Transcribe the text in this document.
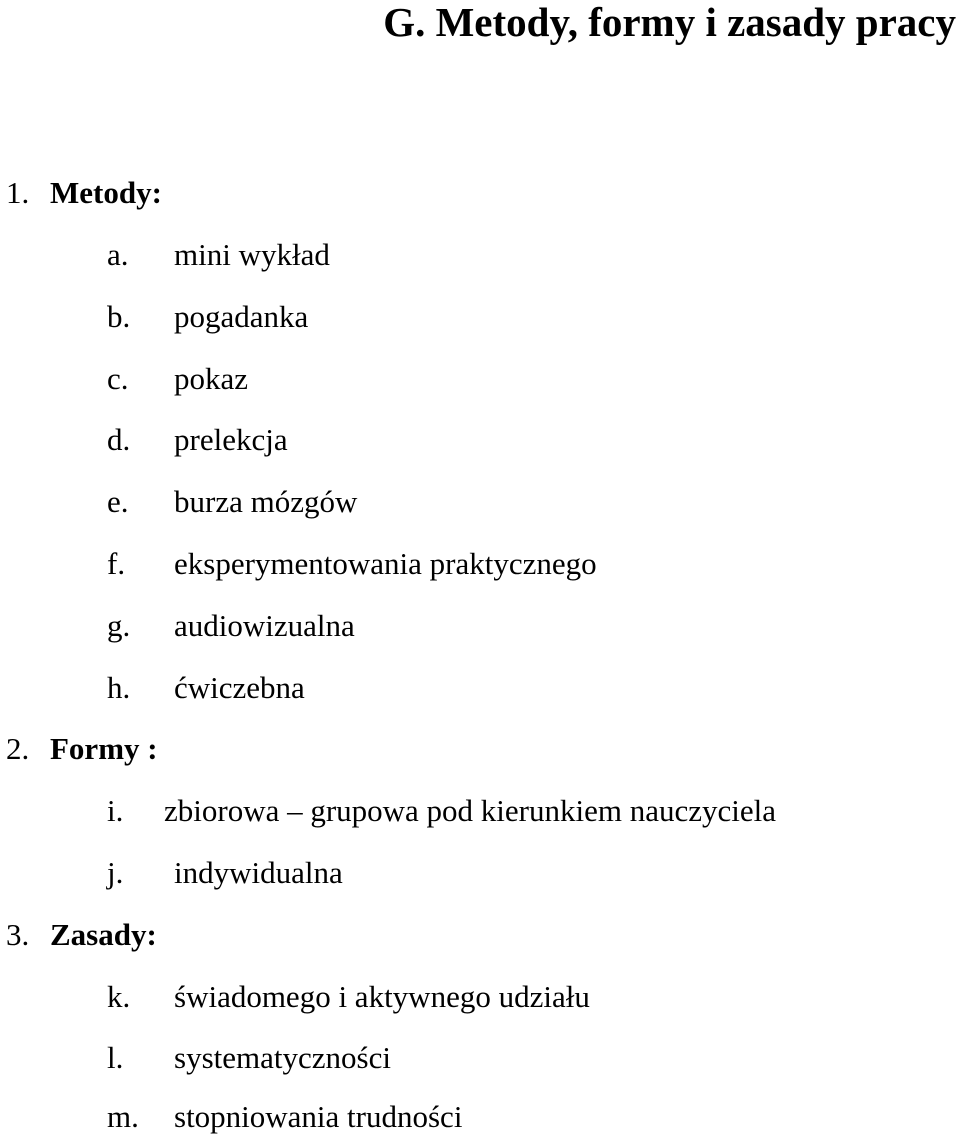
G. Metody, formy i zasady pracy
1. Metody:
a. mini wykład
b. pogadanka
c. pokaz
d. prelekcja
e. burza mózgów
f. eksperymentowania praktycznego
g. audiowizualna
h. ćwiczebna
2. Formy :
i. zbiorowa – grupowa pod kierunkiem nauczyciela
j. indywidualna
3. Zasady:
k. świadomego i aktywnego udziału
l. systematyczności
m. stopniowania trudności
